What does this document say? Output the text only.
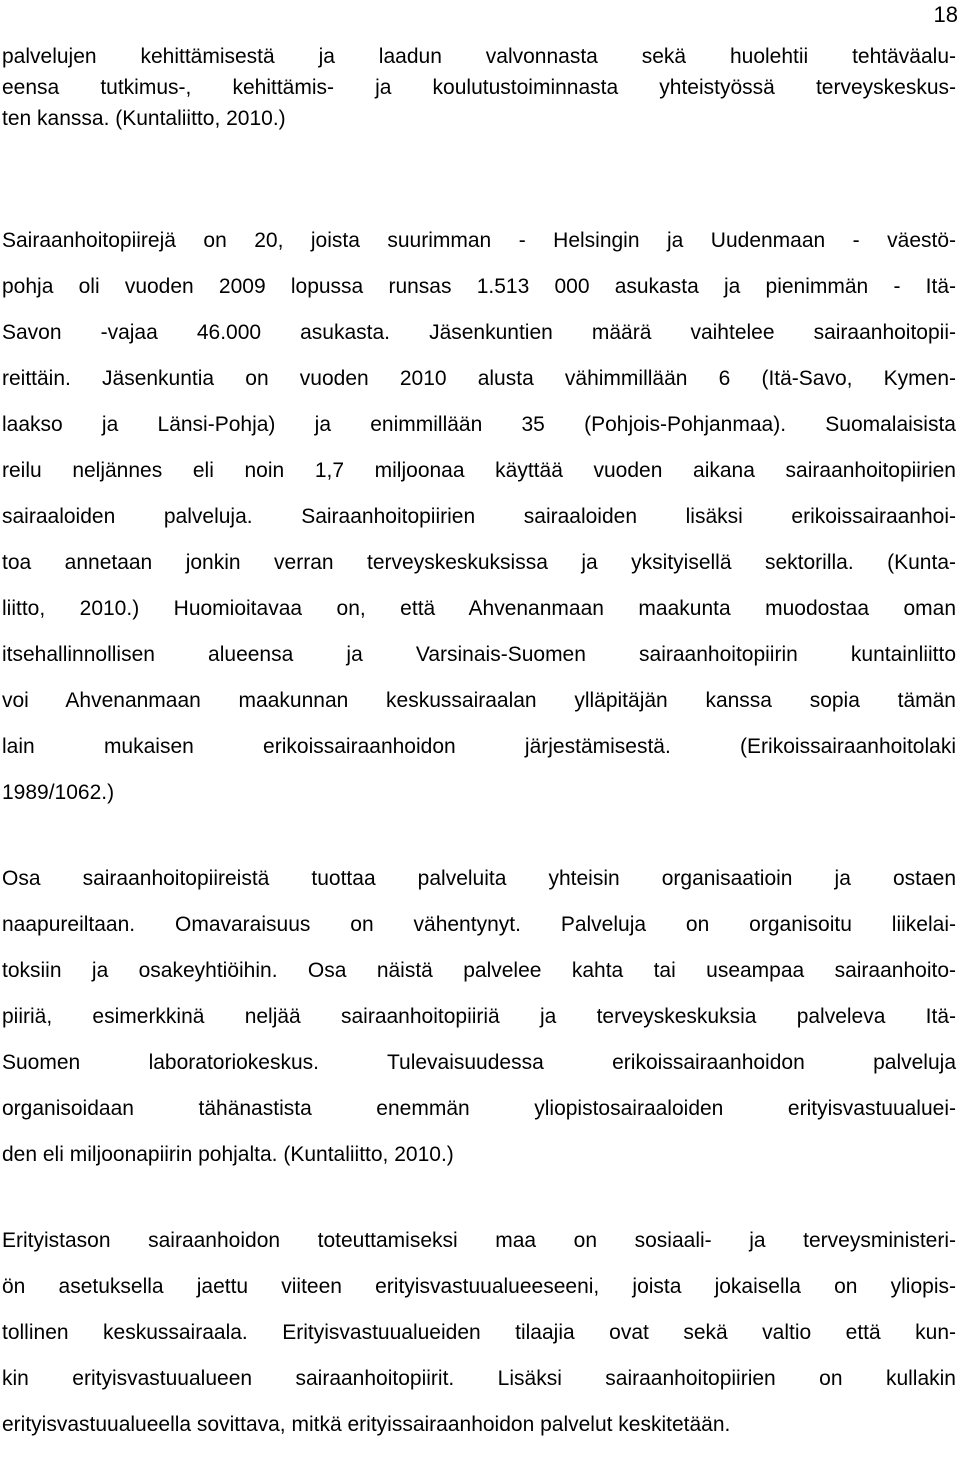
18
palvelujen kehittämisestä ja laadun valvonnasta sekä huolehtii tehtäväalu-
eensa tutkimus-, kehittämis- ja koulutustoiminnasta yhteistyössä terveyskeskus-
ten kanssa. (Kuntaliitto, 2010.)
Sairaanhoitopiirejä on 20, joista suurimman - Helsingin ja Uudenmaan - väestö-
pohja oli vuoden 2009 lopussa runsas 1.513 000 asukasta ja pienimmän - Itä-
Savon -vajaa 46.000 asukasta. Jäsenkuntien määrä vaihtelee sairaanhoitopii-
reittäin. Jäsenkuntia on vuoden 2010 alusta vähimmillään 6 (Itä-Savo, Kymen-
laakso ja Länsi-Pohja) ja enimmillään 35 (Pohjois-Pohjanmaa). Suomalaisista
reilu neljännes eli noin 1,7 miljoonaa käyttää vuoden aikana sairaanhoitopiirien
sairaaloiden palveluja. Sairaanhoitopiirien sairaaloiden lisäksi erikoissairaanhoi-
toa annetaan jonkin verran terveyskeskuksissa ja yksityisellä sektorilla. (Kunta-
liitto, 2010.) Huomioitavaa on, että Ahvenanmaan maakunta muodostaa oman
itsehallinnollisen alueensa ja Varsinais-Suomen sairaanhoitopiirin kuntainliitto
voi Ahvenanmaan maakunnan keskussairaalan ylläpitäjän kanssa sopia tämän
lain mukaisen erikoissairaanhoidon järjestämisestä. (Erikoissairaanhoitolaki
1989/1062.)
Osa sairaanhoitopiireistä tuottaa palveluita yhteisin organisaatioin ja ostaen
naapureiltaan. Omavaraisuus on vähentynyt. Palveluja on organisoitu liikelai-
toksiin ja osakeyhtiöihin. Osa näistä palvelee kahta tai useampaa sairaanhoito-
piiriä, esimerkkinä neljää sairaanhoitopiiriä ja terveyskeskuksia palveleva Itä-
Suomen laboratoriokeskus. Tulevaisuudessa erikoissairaanhoidon palveluja
organisoidaan tähänastista enemmän yliopistosairaaloiden erityisvastuualuei-
den eli miljoonapiirin pohjalta. (Kuntaliitto, 2010.)
Erityistason sairaanhoidon toteuttamiseksi maa on sosiaali- ja terveysministeri-
ön asetuksella jaettu viiteen erityisvastuualueeseeni, joista jokaisella on yliopis-
tollinen keskussairaala. Erityisvastuualueiden tilaajia ovat sekä valtio että kun-
kin erityisvastuualueen sairaanhoitopiirit. Lisäksi sairaanhoitopiirien on kullakin
erityisvastuualueella sovittava, mitkä erityissairaanhoidon palvelut keskitetään.
